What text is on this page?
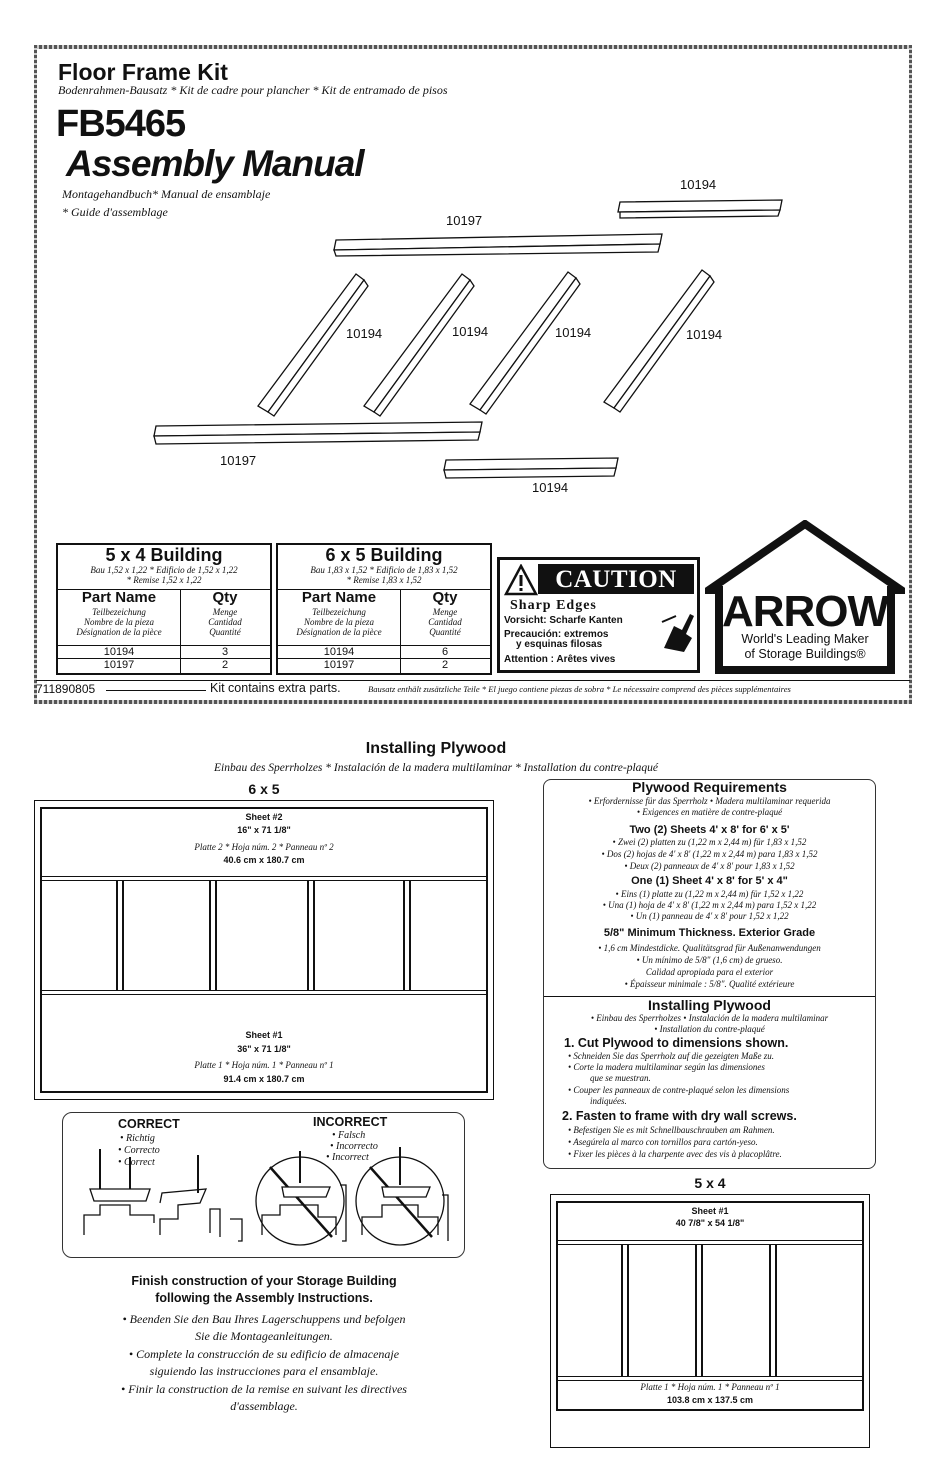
Floor Frame Kit
Bodenrahmen-Bausatz * Kit de cadre pour plancher * Kit de entramado de pisos
FB5465
Assembly Manual
Montagehandbuch* Manual de ensamblaje
* Guide d'assemblage
10194
10197
10194	10194	10194	10194
10197
10194
5 x 4 Building
Bau 1,52 x 1,22 * Edificio de 1,52 x 1,22
* Remise 1,52 x 1,22
Part Name	Qty
Teilbezeichung
Nombre de la pieza
Désignation de la pièce
Menge
Cantidad
Quantité
10194	3
10197	2
6 x 5 Building
Bau 1,83 x 1,52 * Edificio de 1,83 x 1,52
* Remise 1,83 x 1,52
Part Name	Qty
Teilbezeichung
Nombre de la pieza
Désignation de la pièce
Menge
Cantidad
Quantité
10194	6
10197	2
CAUTION
Sharp Edges
Vorsicht: Scharfe Kanten
Precaución: extremos
y esquinas filosas
Attention : Arêtes vives
ARROW
World's Leading Maker
of Storage Buildings®
711890805	Kit contains extra parts.	Bausatz enthält zusätzliche Teile * El juego contiene piezas de sobra * Le nécessaire comprend des pièces supplémentaires
Installing Plywood
Einbau des Sperrholzes * Instalación de la madera multilaminar * Installation du contre-plaqué
6 x 5
Sheet #2
16" x 71 1/8"
Platte 2 * Hoja núm. 2 * Panneau nº 2
40.6 cm x 180.7 cm
Sheet #1
36" x 71 1/8"
Platte 1 * Hoja núm. 1 * Panneau nº 1
91.4 cm x 180.7 cm
Plywood Requirements
• Erfordernisse für das Sperrholz • Madera multilaminar requerida
• Exigences en matière de contre-plaqué
Two (2) Sheets 4' x 8' for 6' x 5'
• Zwei (2) platten zu (1,22 m x 2,44 m) für 1,83 x 1,52
• Dos (2) hojas de 4' x 8' (1,22 m x 2,44 m) para 1,83 x 1,52
• Deux (2) panneaux de 4' x 8' pour 1,83 x 1,52
One (1) Sheet 4' x 8' for 5' x 4"
• Eins (1) platte zu (1,22 m x 2,44 m) für 1,52 x 1,22
• Una (1) hoja de 4' x 8' (1,22 m x 2,44 m) para 1,52 x 1,22
• Un (1) panneau de 4' x 8' pour 1,52 x 1,22
5/8" Minimum Thickness. Exterior Grade
• 1,6 cm Mindestdicke. Qualitätsgrad für Außenanwendungen
• Un mínimo de 5/8" (1,6 cm) de grueso.
Calidad apropiada para el exterior
• Épaisseur minimale : 5/8". Qualité extérieure
Installing Plywood
• Einbau des Sperrholzes • Instalación de la madera multilaminar
• Installation du contre-plaqué
1. Cut Plywood to dimensions shown.
• Schneiden Sie das Sperrholz auf die gezeigten Maße zu.
• Corte la madera multilaminar según las dimensiones
que se muestran.
• Couper les panneaux de contre-plaqué selon les dimensions
indiquées.
2. Fasten to frame with dry wall screws.
• Befestigen Sie es mit Schnellbauschrauben am Rahmen.
• Asegúrela al marco con tornillos para cartón-yeso.
• Fixer les pièces à la charpente avec des vis à placoplâtre.
5 x 4
Sheet #1
40 7/8" x 54 1/8"
Platte 1 * Hoja núm. 1 * Panneau nº 1
103.8 cm x 137.5 cm
CORRECT
• Richtig
• Correcto
• Correct
INCORRECT
• Falsch
• Incorrecto
• Incorrect
Finish construction of your Storage Building
following the Assembly Instructions.
• Beenden Sie den Bau Ihres Lagerschuppens und befolgen
Sie die Montageanleitungen.
• Complete la construcción de su edificio de almacenaje
siguiendo las instrucciones para el ensamblaje.
• Finir la construction de la remise en suivant les directives
d'assemblage.
